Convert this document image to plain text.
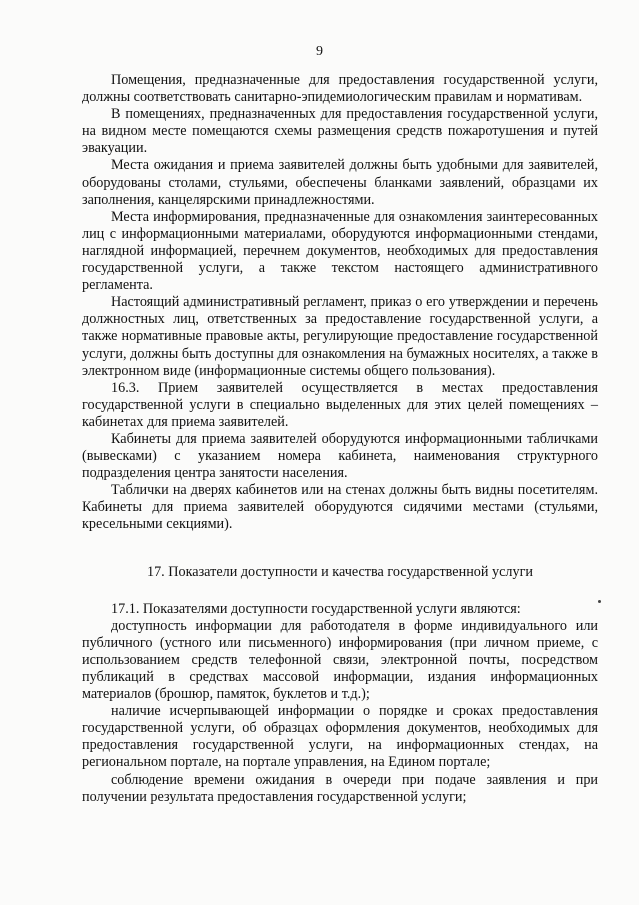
9

Помещения, предназначенные для предоставления государственной услуги, должны соответствовать санитарно-эпидемиологическим правилам и нормативам.

В помещениях, предназначенных для предоставления государственной услуги, на видном месте помещаются схемы размещения средств пожаротушения и путей эвакуации.

Места ожидания и приема заявителей должны быть удобными для заявителей, оборудованы столами, стульями, обеспечены бланками заявлений, образцами их заполнения, канцелярскими принадлежностями.

Места информирования, предназначенные для ознакомления заинтересованных лиц с информационными материалами, оборудуются информационными стендами, наглядной информацией, перечнем документов, необходимых для предоставления государственной услуги, а также текстом настоящего административного регламента.

Настоящий административный регламент, приказ о его утверждении и перечень должностных лиц, ответственных за предоставление государственной услуги, а также нормативные правовые акты, регулирующие предоставление государственной услуги, должны быть доступны для ознакомления на бумажных носителях, а также в электронном виде (информационные системы общего пользования).

16.3. Прием заявителей осуществляется в местах предоставления государственной услуги в специально выделенных для этих целей помещениях – кабинетах для приема заявителей.

Кабинеты для приема заявителей оборудуются информационными табличками (вывесками) с указанием номера кабинета, наименования структурного подразделения центра занятости населения.

Таблички на дверях кабинетов или на стенах должны быть видны посетителям. Кабинеты для приема заявителей оборудуются сидячими местами (стульями, кресельными секциями).

17. Показатели доступности и качества государственной услуги

17.1. Показателями доступности государственной услуги являются:

доступность информации для работодателя в форме индивидуального или публичного (устного или письменного) информирования (при личном приеме, с использованием средств телефонной связи, электронной почты, посредством публикаций в средствах массовой информации, издания информационных материалов (брошюр, памяток, буклетов и т.д.);

наличие исчерпывающей информации о порядке и сроках предоставления государственной услуги, об образцах оформления документов, необходимых для предоставления государственной услуги, на информационных стендах, на региональном портале, на портале управления, на Едином портале;

соблюдение времени ожидания в очереди при подаче заявления и при получении результата предоставления государственной услуги;
